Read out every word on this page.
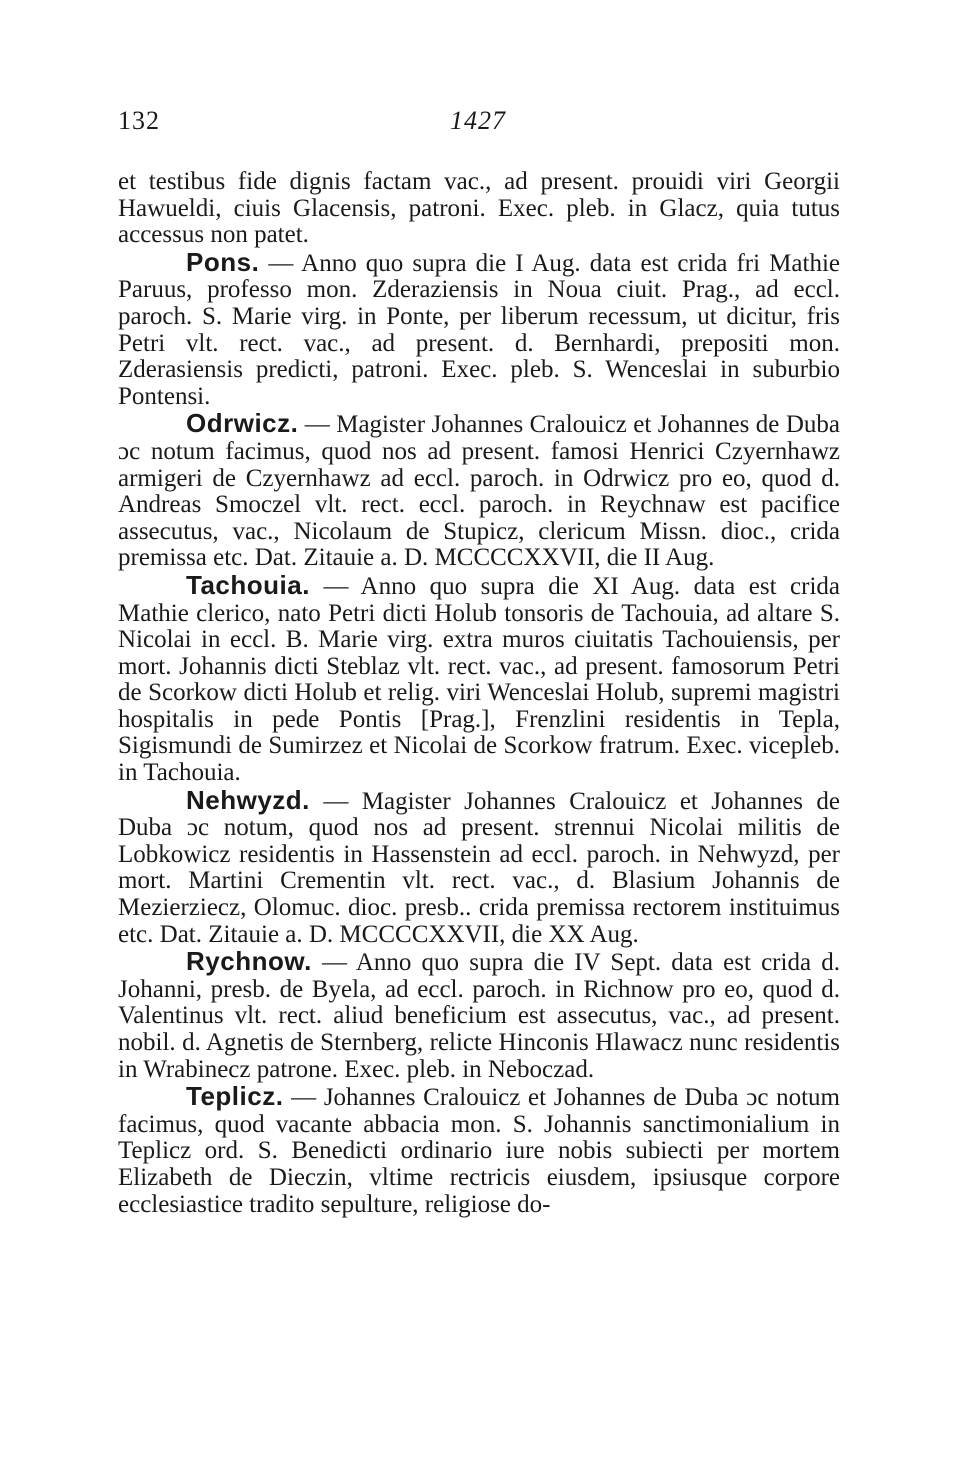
132	1427

et testibus fide dignis factam vac., ad present. prouidi viri Georgii Hawueldi, ciuis Glacensis, patroni. Exec. pleb. in Glacz, quia tutus accessus non patet.

Pons. — Anno quo supra die I Aug. data est crida fri Mathie Paruus, professo mon. Zderaziensis in Noua ciuit. Prag., ad eccl. paroch. S. Marie virg. in Ponte, per liberum recessum, ut dicitur, fris Petri vlt. rect. vac., ad present. d. Bernhardi, prepositi mon. Zderasiensis predicti, patroni. Exec. pleb. S. Wenceslai in suburbio Pontensi.

Odrwicz. — Magister Johannes Cralouicz et Johannes de Duba ɔc notum facimus, quod nos ad present. famosi Henrici Czyernhawz armigeri de Czyernhawz ad eccl. paroch. in Odrwicz pro eo, quod d. Andreas Smoczel vlt. rect. eccl. paroch. in Reychnaw est pacifice assecutus, vac., Nicolaum de Stupicz, clericum Missn. dioc., crida premissa etc. Dat. Zitauie a. D. MCCCCXXVII, die II Aug.

Tachouia. — Anno quo supra die XI Aug. data est crida Mathie clerico, nato Petri dicti Holub tonsoris de Tachouia, ad altare S. Nicolai in eccl. B. Marie virg. extra muros ciuitatis Tachouiensis, per mort. Johannis dicti Steblaz vlt. rect. vac., ad present. famosorum Petri de Scorkow dicti Holub et relig. viri Wenceslai Holub, supremi magistri hospitalis in pede Pontis [Prag.], Frenzlini residentis in Tepla, Sigismundi de Sumirzez et Nicolai de Scorkow fratrum. Exec. vicepleb. in Tachouia.

Nehwyzd. — Magister Johannes Cralouicz et Johannes de Duba ɔc notum, quod nos ad present. strennui Nicolai militis de Lobkowicz residentis in Hassenstein ad eccl. paroch. in Nehwyzd, per mort. Martini Crementin vlt. rect. vac., d. Blasium Johannis de Mezierziecz, Olomuc. dioc. presb.. crida premissa rectorem instituimus etc. Dat. Zitauie a. D. MCCCCXXVII, die XX Aug.

Rychnow. — Anno quo supra die IV Sept. data est crida d. Johanni, presb. de Byela, ad eccl. paroch. in Richnow pro eo, quod d. Valentinus vlt. rect. aliud beneficium est assecutus, vac., ad present. nobil. d. Agnetis de Sternberg, relicte Hinconis Hlawacz nunc residentis in Wrabinecz patrone. Exec. pleb. in Neboczad.

Teplicz. — Johannes Cralouicz et Johannes de Duba ɔc notum facimus, quod vacante abbacia mon. S. Johannis sanctimonialium in Teplicz ord. S. Benedicti ordinario iure nobis subiecti per mortem Elizabeth de Dieczin, vltime rectricis eiusdem, ipsiusque corpore ecclesiastice tradito sepulture, religiose do-
